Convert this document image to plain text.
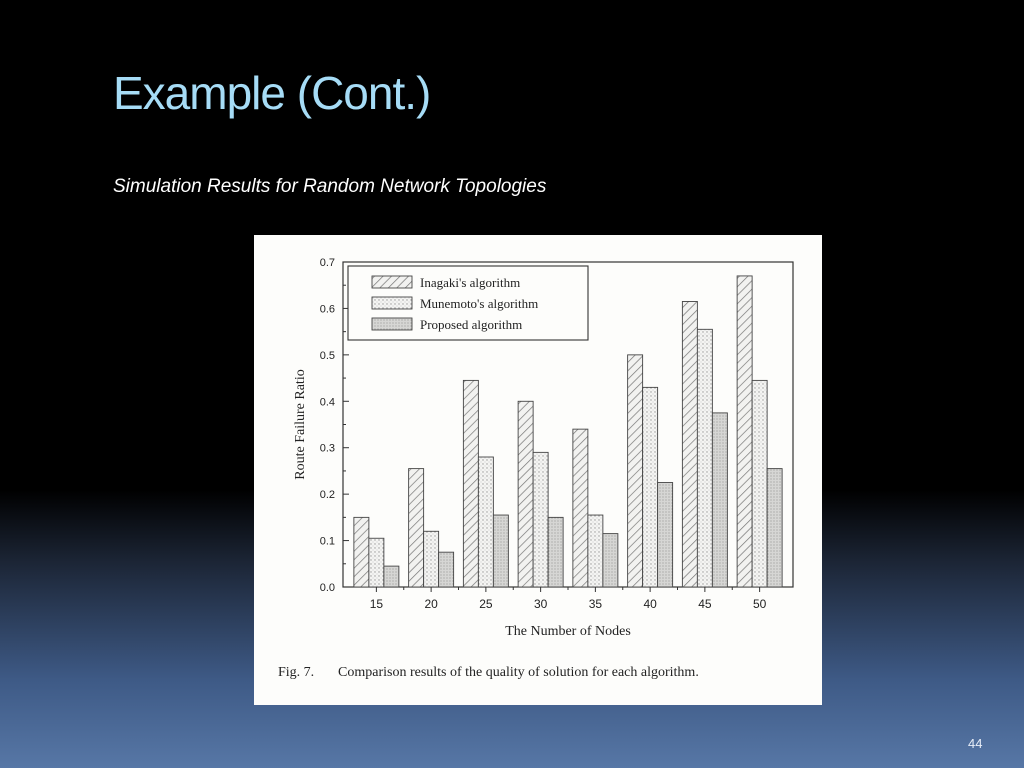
Example (Cont.)
Simulation Results for Random Network Topologies
0.0
0.1
0.2
0.3
0.4
0.5
0.6
0.7
Route Failure Ratio
15	20	25	30	35	40	45	50
The Number of Nodes
Inagaki's algorithm
Munemoto's algorithm
Proposed algorithm
Fig. 7. Comparison results of the quality of solution for each algorithm.
44
